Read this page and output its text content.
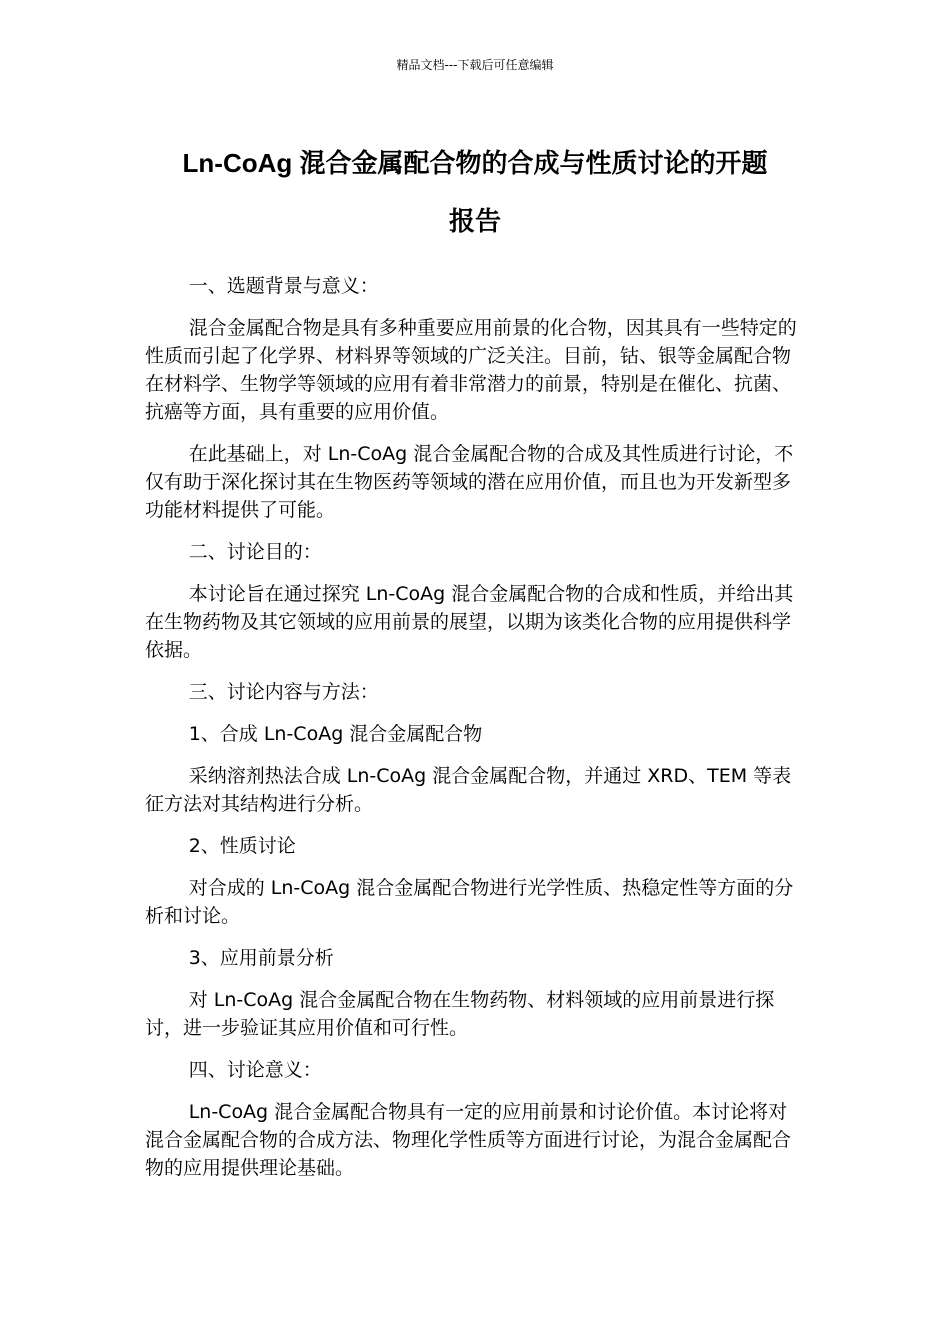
精品文档---下载后可任意编辑
Ln-CoAg 混合金属配合物的合成与性质讨论的开题
报告

一、选题背景与意义：

混合金属配合物是具有多种重要应用前景的化合物，因其具有一些特定的性质而引起了化学界、材料界等领域的广泛关注。目前，钴、银等金属配合物在材料学、生物学等领域的应用有着非常潜力的前景，特别是在催化、抗菌、抗癌等方面，具有重要的应用价值。

在此基础上，对 Ln-CoAg 混合金属配合物的合成及其性质进行讨论，不仅有助于深化探讨其在生物医药等领域的潜在应用价值，而且也为开发新型多功能材料提供了可能。

二、讨论目的：

本讨论旨在通过探究 Ln-CoAg 混合金属配合物的合成和性质，并给出其在生物药物及其它领域的应用前景的展望，以期为该类化合物的应用提供科学依据。

三、讨论内容与方法：

1、合成 Ln-CoAg 混合金属配合物

采纳溶剂热法合成 Ln-CoAg 混合金属配合物，并通过 XRD、TEM 等表征方法对其结构进行分析。

2、性质讨论

对合成的 Ln-CoAg 混合金属配合物进行光学性质、热稳定性等方面的分析和讨论。

3、应用前景分析

对 Ln-CoAg 混合金属配合物在生物药物、材料领域的应用前景进行探讨，进一步验证其应用价值和可行性。

四、讨论意义：

Ln-CoAg 混合金属配合物具有一定的应用前景和讨论价值。本讨论将对混合金属配合物的合成方法、物理化学性质等方面进行讨论，为混合金属配合物的应用提供理论基础。
